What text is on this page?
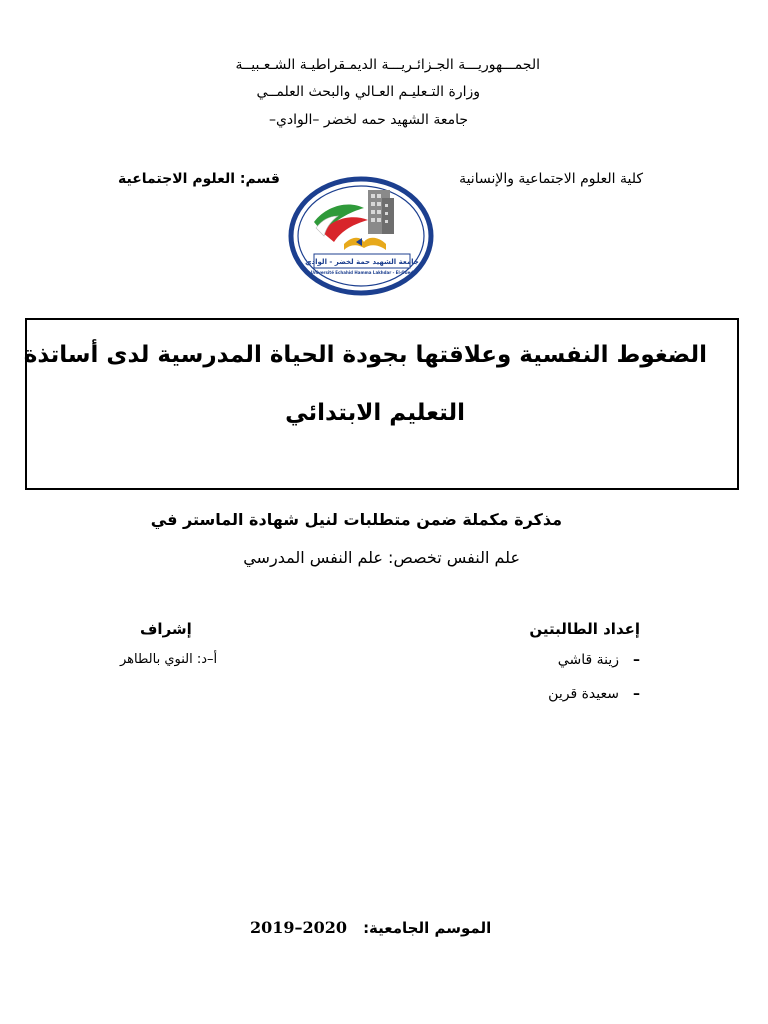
الجمـــهوريـــة الجـزائـريـــة الديمـقراطيـة الشـعـبيــة
وزارة التـعليـم العـالي والبحث العلمــي
جامعة الشهيد حمه لخضر –الوادي–
كلية العلوم الاجتماعية والإنسانية
قسم: العلوم الاجتماعية
جامعة الشهيد حمة لخضر - الوادي
Université Echahid Hamma Lakhdar - El-Oued
الضغوط النفسية وعلاقتها بجودة الحياة المدرسية لدى أساتذة
التعليم الابتدائي
مذكرة مكملة ضمن متطلبات لنيل شهادة الماستر في
علم النفس تخصص: علم النفس المدرسي
إعداد الطالبتين
–زينة قاشي
–سعيدة قرين
إشراف
أ–د: النوي بالطاهر
الموسم الجامعية:2020–2019
